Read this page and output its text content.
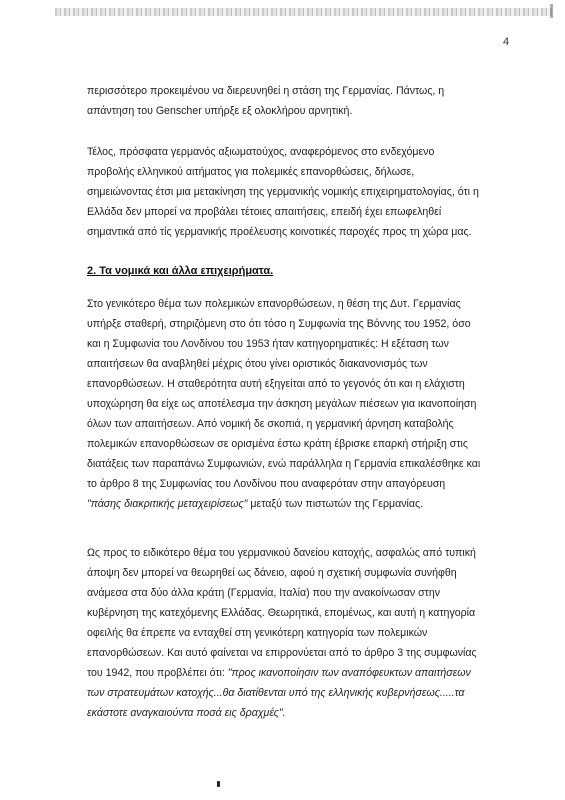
4
περισσότερο προκειμένου να διερευνηθεί η στάση της Γερμανίας. Πάντως, η
απάντηση του Genscher υπήρξε εξ ολοκλήρου αρνητική.
Τέλος, πρόσφατα γερμανός αξιωματούχος, αναφερόμενος στο ενδεχόμενο
προβολής ελληνικού αιτήματος για πολεμικές επανορθώσεις, δήλωσε,
σημειώνοντας έτσι μια μετακίνηση της γερμανικής νομικής επιχειρηματολογίας, ότι η
Ελλάδα δεν μπορεί να προβάλει τέτοιες απαιτήσεις, επειδή έχει επωφεληθεί
σημαντικά από τίς γερμανικής προέλευσης κοινοτικές παροχές προς τη χώρα μας.
2. Τα νομικά και άλλα επιχειρήματα.
Στο γενικότερο θέμα των πολεμικών επανορθώσεων, η θέση της Δυτ. Γερμανίας
υπήρξε σταθερή, στηριζόμενη στο ότι τόσο η Συμφωνία της Βόννης του 1952, όσο
και η Συμφωνία του Λονδίνου του 1953 ήταν κατηγορηματικές: Η εξέταση των
απαιτήσεων θα αναβληθεί μέχρις ότου γίνει οριστικός διακανονισμός των
επανορθώσεων. Η σταθερότητα αυτή εξηγείται από το γεγονός ότι και η ελάχιστη
υποχώρηση θα είχε ως αποτέλεσμα την άσκηση μεγάλων πιέσεων για ικανοποίηση
όλων των απαιτήσεων. Από νομική δε σκοπιά, η γερμανική άρνηση καταβολής
πολεμικών επανορθώσεων σε ορισμένα έστω κράτη έβρισκε επαρκή στήριξη στις
διατάξεις των παραπάνω Συμφωνιών, ενώ παράλληλα η Γερμανία επικαλέσθηκε και
το άρθρο 8 της Συμφωνίας του Λονδίνου που αναφερόταν στην απαγόρευση
"πάσης διακριτικής μεταχειρίσεως" μεταξύ των πιστωτών της Γερμανίας.
Ως προς το ειδικότερο θέμα του γερμανικού δανείου κατοχής, ασφαλώς από τυπική
άποψη δεν μπορεί να θεωρηθεί ως δάνειο, αφού η σχετική συμφωνία συνήφθη
ανάμεσα στα δύο άλλα κράτη (Γερμανία, Ιταλία) που την ανακοίνωσαν στην
κυβέρνηση της κατεχόμενης Ελλάδας. Θεωρητικά, επομένως, και αυτή η κατηγορία
οφειλής θα έπρεπε να ενταχθεί στη γενικότερη κατηγορία των πολεμικών
επανορθώσεων. Και αυτό φαίνεται να επιρρονύεται από το άρθρο 3 της συμφωνίας
του 1942, που προβλέπει ότι: "προς ικανοποίησιν των αναπόφευκτων απαιτήσεων
των στρατευμάτων κατοχής...θα διατίθενται υπό της ελληνικής κυβερνήσεως.....τα
εκάστοτε αναγκαιούντα ποσά εις δραχμές".
